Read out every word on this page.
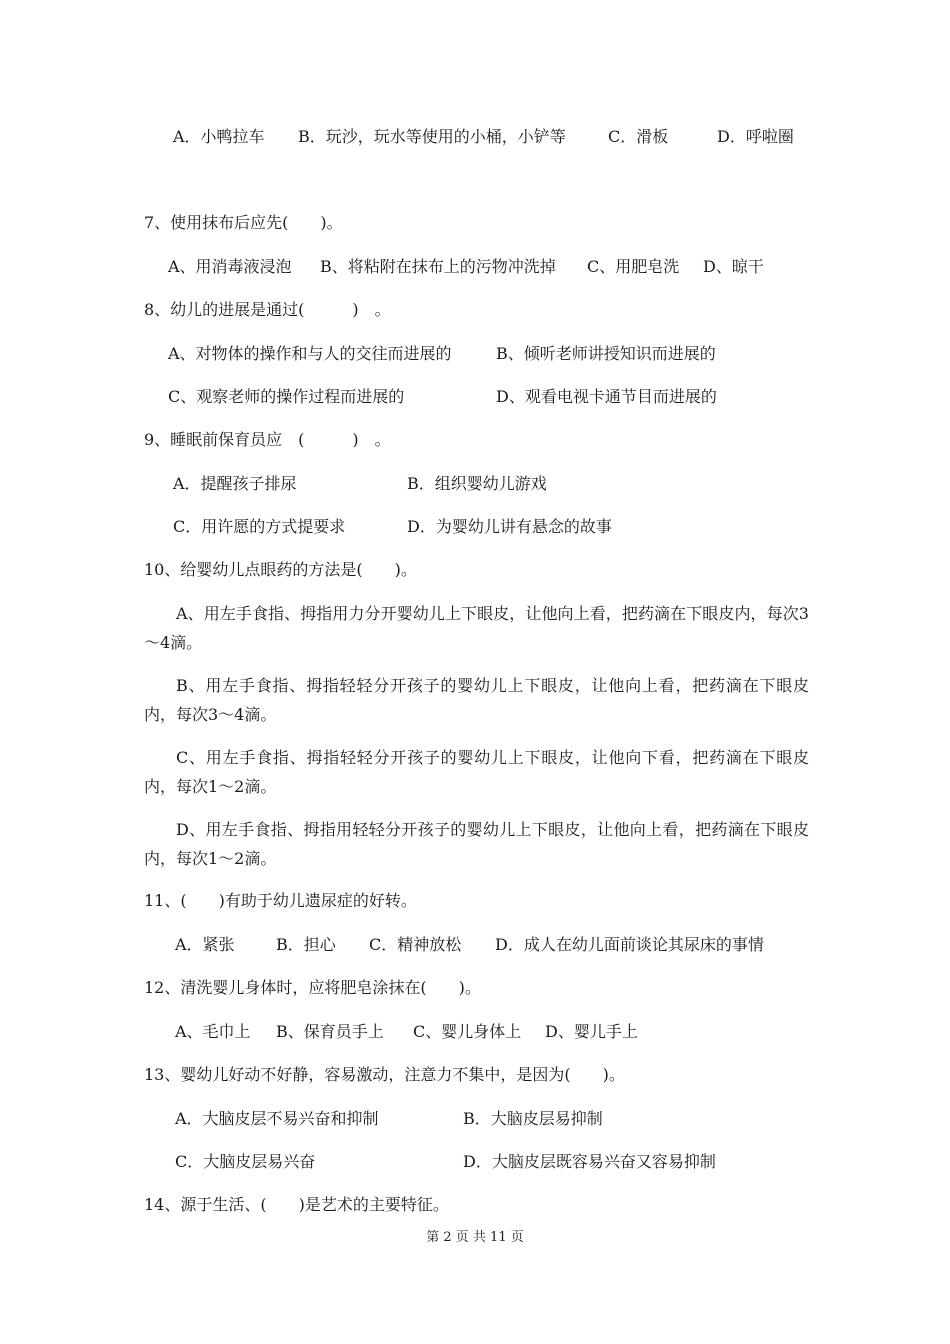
A．小鸭拉车 B．玩沙，玩水等使用的小桶，小铲等	C．滑板	D．呼啦圈
7、使用抹布后应先(　　)。
A、用消毒液浸泡 B、将粘附在抹布上的污物冲洗掉 C、用肥皂洗 D、晾干
8、幼儿的进展是通过(　　　)　。
A、对物体的操作和与人的交往而进展的	B、倾听老师讲授知识而进展的
C、观察老师的操作过程而进展的	D、观看电视卡通节目而进展的
9、睡眠前保育员应　(　　　)　。
A．提醒孩子排尿	B．组织婴幼儿游戏
C．用许愿的方式提要求	D．为婴幼儿讲有悬念的故事
10、给婴幼儿点眼药的方法是(　　)。
A、用左手食指、拇指用力分开婴幼儿上下眼皮，让他向上看，把药滴在下眼皮内，每次3～4滴。
B、用左手食指、拇指轻轻分开孩子的婴幼儿上下眼皮，让他向上看，把药滴在下眼皮内，每次3～4滴。
C、用左手食指、拇指轻轻分开孩子的婴幼儿上下眼皮，让他向下看，把药滴在下眼皮内，每次1～2滴。
D、用左手食指、拇指用轻轻分开孩子的婴幼儿上下眼皮，让他向上看，把药滴在下眼皮内，每次1～2滴。
11、(　　)有助于幼儿遗尿症的好转。
A．紧张	B．担心 C．精神放松 D．成人在幼儿面前谈论其尿床的事情
12、清洗婴儿身体时，应将肥皂涂抹在(　　)。
A、毛巾上 B、保育员手上 C、婴儿身体上 D、婴儿手上
13、婴幼儿好动不好静，容易激动，注意力不集中，是因为(　　)。
A．大脑皮层不易兴奋和抑制	B．大脑皮层易抑制
C．大脑皮层易兴奋	D．大脑皮层既容易兴奋又容易抑制
14、源于生活、(　　)是艺术的主要特征。
第 2 页 共 11 页
